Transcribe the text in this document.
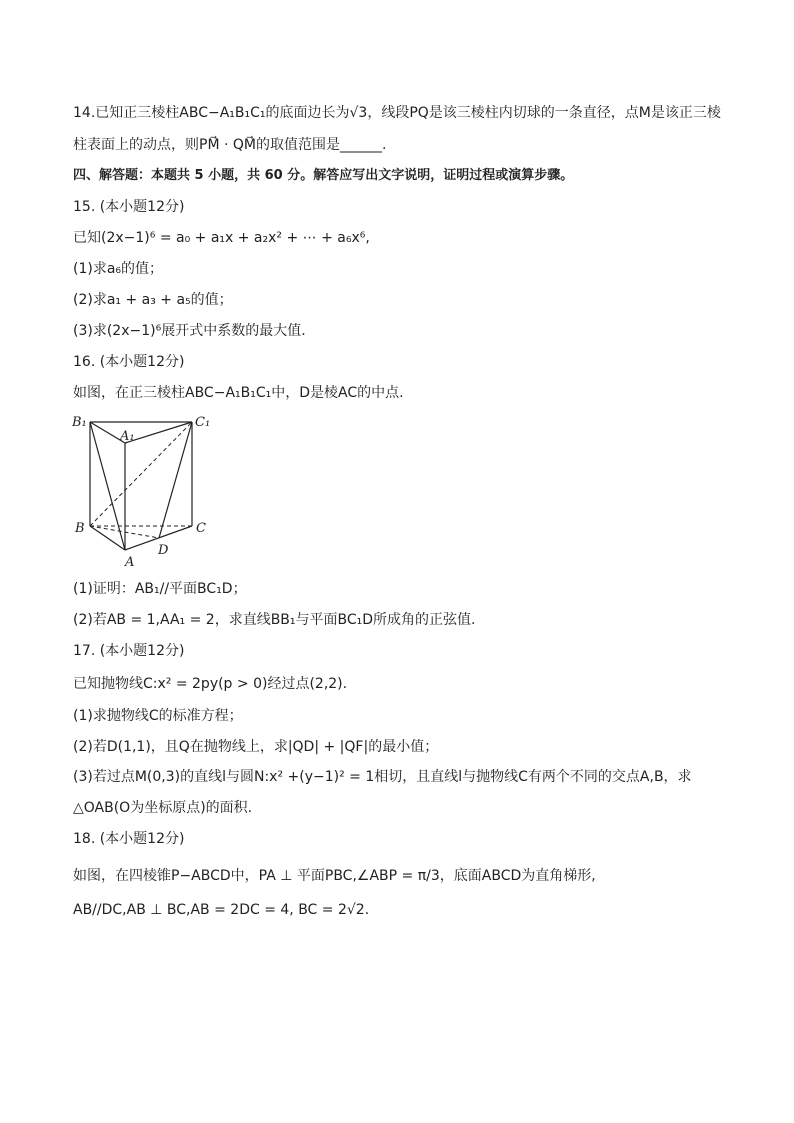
14.已知正三棱柱ABC−A₁B₁C₁的底面边长为√3，线段PQ是该三棱柱内切球的一条直径，点M是该正三棱
柱表面上的动点，则PM⃗ · QM⃗的取值范围是______.
四、解答题：本题共 5 小题，共 60 分。解答应写出文字说明，证明过程或演算步骤。
15. (本小题12分)
已知(2x−1)⁶ = a₀ + a₁x + a₂x² + ⋯ + a₆x⁶,
(1)求a₆的值；
(2)求a₁ + a₃ + a₅的值；
(3)求(2x−1)⁶展开式中系数的最大值.
16. (本小题12分)
如图，在正三棱柱ABC−A₁B₁C₁中，D是棱AC的中点.
B₁
A₁
C₁
B	C
D
A
(1)证明：AB₁//平面BC₁D；
(2)若AB = 1,AA₁ = 2，求直线BB₁与平面BC₁D所成角的正弦值.
17. (本小题12分)
已知抛物线C:x² = 2py(p > 0)经过点(2,2).
(1)求抛物线C的标准方程；
(2)若D(1,1)，且Q在抛物线上，求|QD| + |QF|的最小值；
(3)若过点M(0,3)的直线l与圆N:x² +(y−1)² = 1相切，且直线l与抛物线C有两个不同的交点A,B，求
△OAB(O为坐标原点)的面积.
18. (本小题12分)
如图，在四棱锥P−ABCD中，PA ⊥ 平面PBC,∠ABP = π/3，底面ABCD为直角梯形,
AB//DC,AB ⊥ BC,AB = 2DC = 4, BC = 2√2.
